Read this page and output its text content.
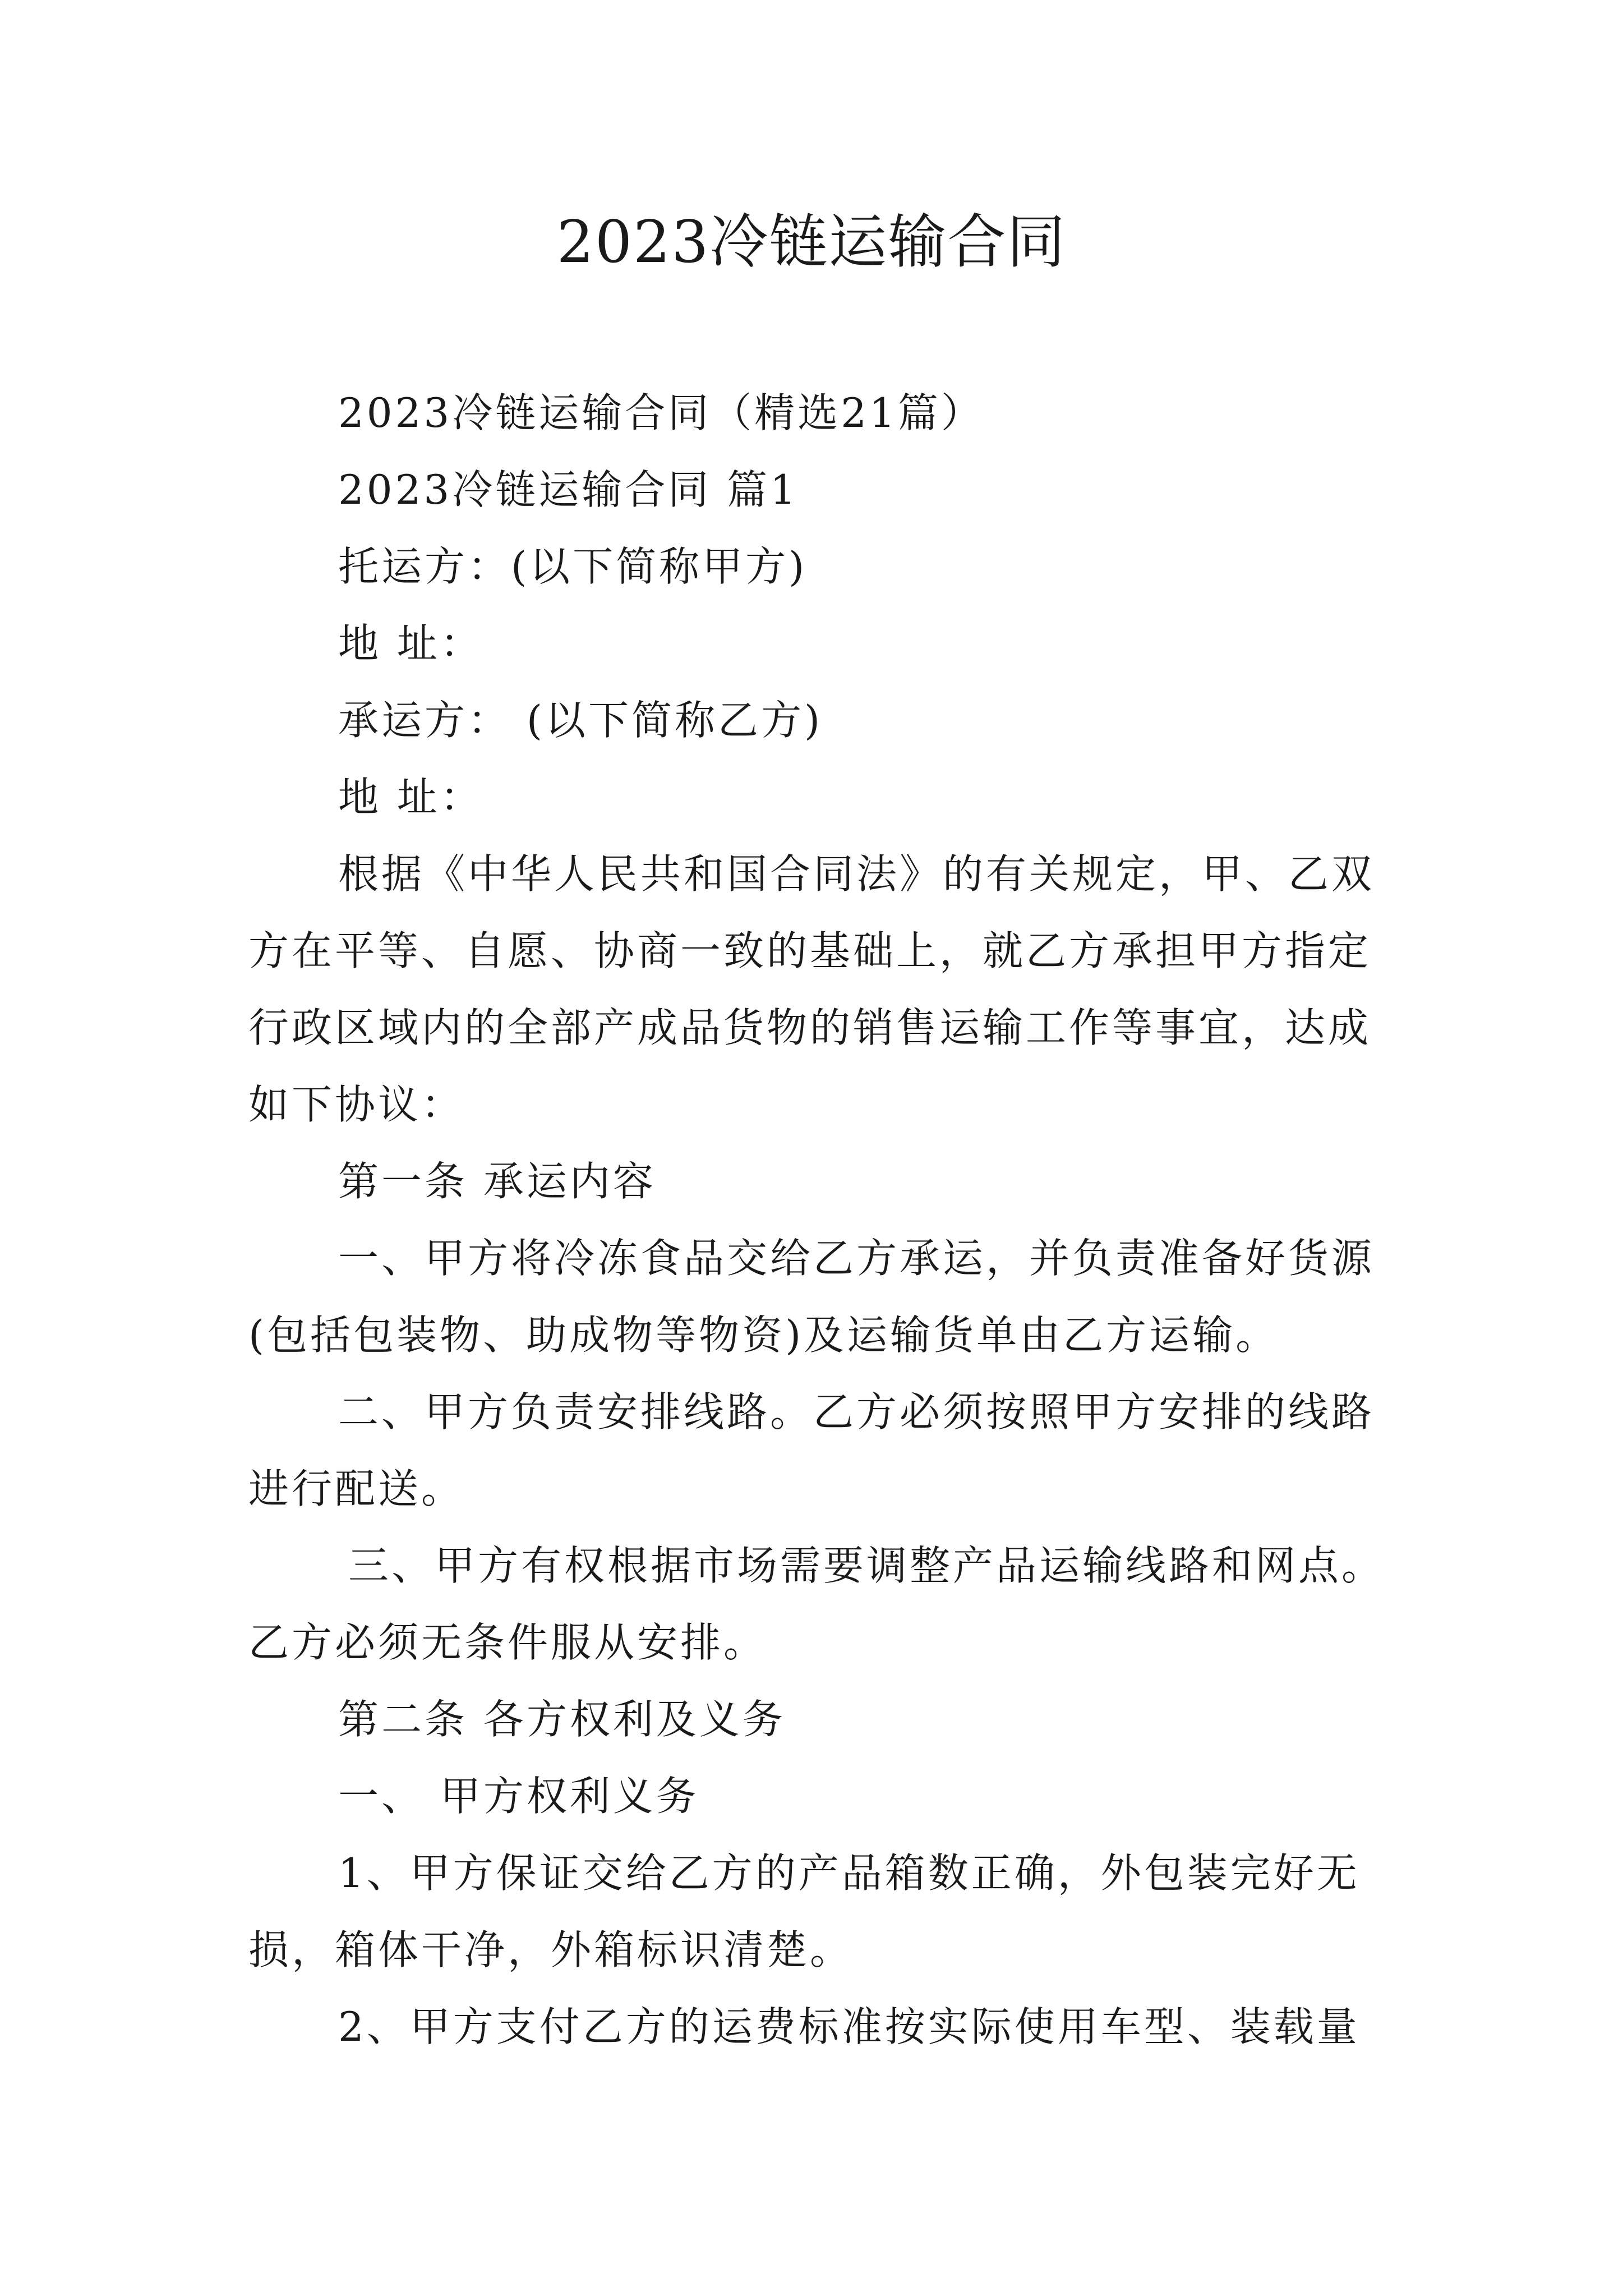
2023冷链运输合同
2023冷链运输合同（精选21篇）
2023冷链运输合同 篇1
托运方：(以下简称甲方)
地 址：
承运方： (以下简称乙方)
地 址：
根据《中华人民共和国合同法》的有关规定，甲、乙双
方在平等、自愿、协商一致的基础上，就乙方承担甲方指定
行政区域内的全部产成品货物的销售运输工作等事宜，达成
如下协议：
第一条 承运内容
一、甲方将冷冻食品交给乙方承运，并负责准备好货源
(包括包装物、助成物等物资)及运输货单由乙方运输。
二、甲方负责安排线路。乙方必须按照甲方安排的线路
进行配送。
三、甲方有权根据市场需要调整产品运输线路和网点。
乙方必须无条件服从安排。
第二条 各方权利及义务
一、 甲方权利义务
1、甲方保证交给乙方的产品箱数正确，外包装完好无
损，箱体干净，外箱标识清楚。
2、甲方支付乙方的运费标准按实际使用车型、装载量
